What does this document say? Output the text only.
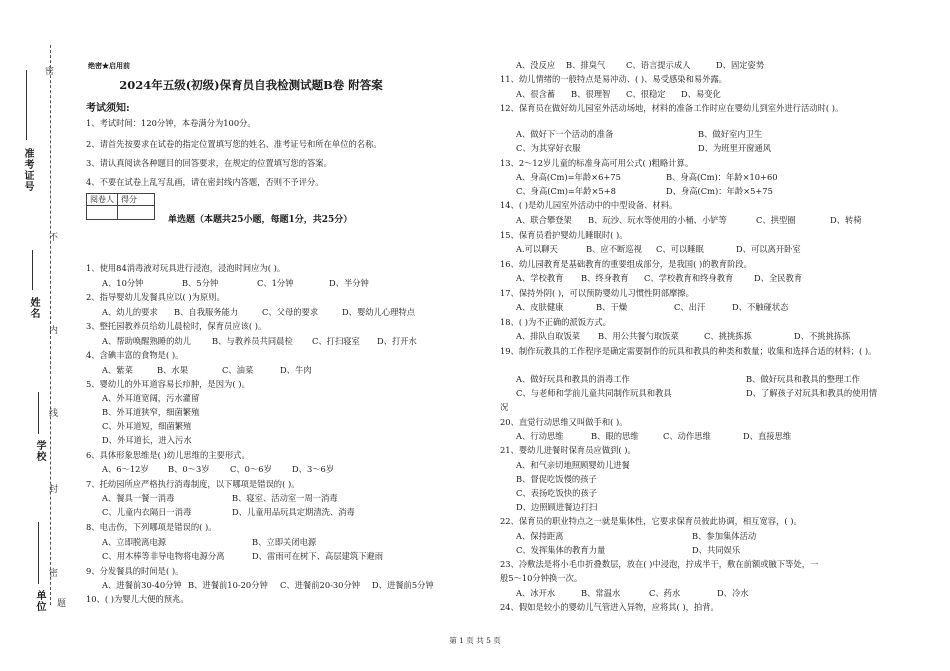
密
不
内
线
封
密
题
准考证号
姓名
学校
单位
绝密★启用前
2024年五级(初级)保育员自我检测试题B卷 附答案
考试须知:
1、考试时间：120分钟，本卷满分为100分。
2、请首先按要求在试卷的指定位置填写您的姓名、准考证号和所在单位的名称。
3、请认真阅读各种题目的回答要求，在规定的位置填写您的答案。
4、不要在试卷上乱写乱画，请在密封线内答题，否则不予评分。
阅卷人	得分

单选题（本题共25小题，每题1分，共25分）
1、使用84消毒液对玩具进行浸泡，浸泡时间应为( )。
A、10分钟	B、5分钟	C、1分钟	D、半分钟
2、指导婴幼儿发餐具应以( )为原则。
A、幼儿的要求	B、自我服务能力	C、父母的要求	D、婴幼儿心理特点
3、整托园教养员给幼儿晨检时，保育员应该( )。
A、帮助唤醒熟睡的幼儿	B、与教养员共同晨检	C、打扫寝室	D、打开水
4、含碘丰富的食物是( )。
A、紫菜	B、水果	C、油菜	D、牛肉
5、婴幼儿的外耳道容易长疖肿，是因为( )。
A、外耳道宽阔，污水灌留
B、外耳道狭窄，细菌繁殖
C、外耳道短，细菌繁殖
D、外耳道长，进入污水
6、具体形象思维是( )幼儿思维的主要形式。
A、6～12岁	B、0～3岁	C、0～6岁	D、3～6岁
7、托幼园所应严格执行消毒制度，以下哪项是错误的( )。
A、餐具一餐一消毒	B、寝室、活动室一周一消毒
C、儿童内衣隔日一消毒	D、儿童用品玩具定期清洗、消毒
8、电击伤，下列哪项是错误的( )。
A、立即脱离电源	B、立即关闭电源
C、用木棒等非导电物将电源分离	D、雷雨可在树下、高层建筑下避雨
9、分发餐具的时间是( )。
A、进餐前30-40分钟 B、进餐前10-20分钟	C、进餐前20-30分钟	D、进餐前5分钟
10、( )为婴儿大便的预兆。
A、没反应	B、排臭气	C、语言提示成人	D、固定姿势
11、幼儿情绪的一般特点是易冲动、( )、易受感染和易外露。
A、很含蓄	B、很理智	C、很稳定	D、易变化
12、保育员在做好幼儿园室外活动场地，材料的准备工作时应在婴幼儿到室外进行活动时( )。
A、做好下一个活动的准备	B、做好室内卫生
C、为其穿好衣服	D、为班里开窗通风
13、2～12岁儿童的标准身高可用公式( )粗略计算。
A、身高(Cm)=年龄×6+75	B、身高(Cm)：年龄×10+60
C、身高(Cm)=年龄×5+8	D、身高(Cm)：年龄×5+75
14、( )是幼儿园室外活动中的中型设备、材料。
A、联合攀登架	B、玩沙、玩水等使用的小桶、小铲等	C、拱型圈	D、转椅
15、保育员看护婴幼儿睡眠时( )。
A.可以聊天	B、应不断巡视	C、可以睡眠	D、可以离开卧室
16、幼儿园教育是基础教育的重要组成部分，是我国( )的教育阶段。
A、学校教育	B、终身教育	C、学校教育和终身教育	D、全民教育
17、保持外阴( )，可以预防婴幼儿习惯性阴部摩擦。
A、皮肤健康	B、干燥	C、出汗	D、不触碰状态
18、( )为不正确的派饭方式。
A、排队自取饭菜	B、用公共餐勺取饭菜	C、挑挑拣拣	D、不挑挑拣拣
19、制作玩教具的工作程序是确定需要制作的玩具和教具的种类和数量；收集和选择合适的材料；( )。
A、做好玩具和教具的消毒工作	B、做好玩具和教具的整理工作
C、与老师和学前儿童共同制作玩具和教具	D、了解孩子对玩具和教具的使用情
况
20、直觉行动思维又叫做手和( )。
A、行动思维	B、眼的思维	C、动作思维	D、直接思维
21、婴幼儿进餐时保育员应做到( )。
A、和气亲切地照顾婴幼儿进餐
B、督促吃饭慢的孩子
C、表扬吃饭快的孩子
D、边照顾进餐边打扫
22、保育员的职业特点之一就是集体性，它要求保育员彼此协调，相互宽容，( )。
A、保持距离	B、参加集体活动
C、发挥集体的教育力量	D、共同娱乐
23、冷敷法是将小毛巾折叠数层，放在( )中浸泡，拧成半干，敷在前额或腋下等处，一
般5～10分钟换一次。
A、冰开水	B、常温水	C、药水	D、冷水
24、假如是较小的婴幼儿气管进入异物，应将其( )，拍背。
第 1 页 共 5 页
